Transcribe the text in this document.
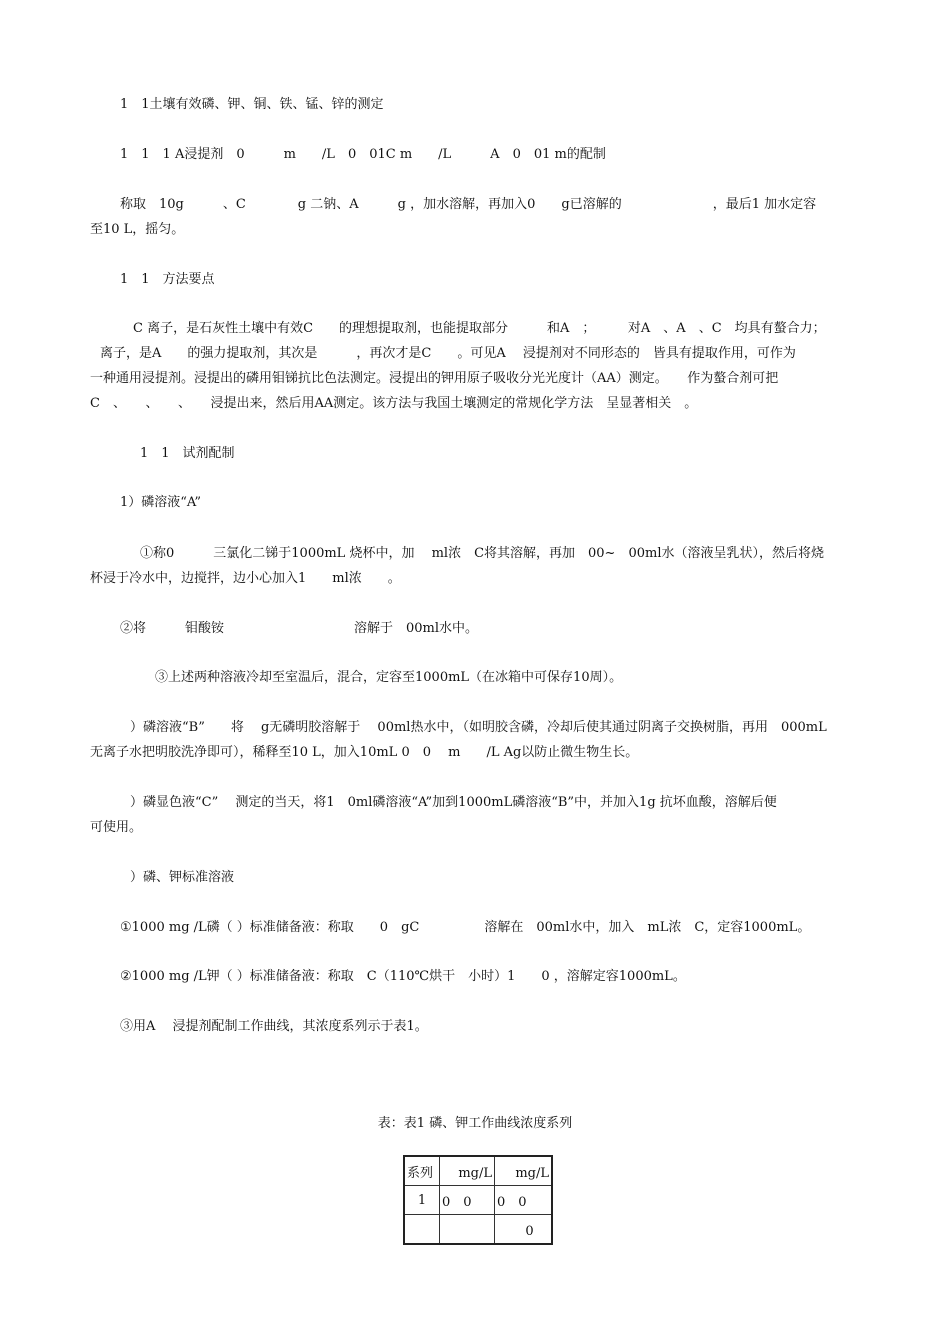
1　1土壤有效磷、钾、铜、铁、锰、锌的测定
1　1　1 A浸提剂　0　　　m　　/L　0　01C m　　/L　　　A　0　01 m的配制
称取　10g　　　、C　　　　g 二钠、A　　　g ，加水溶解，再加入0　　g已溶解的　　　　　　　，最后1 加水定容
至10 L，摇匀。
1　1　方法要点
C 离子，是石灰性土壤中有效C　　的理想提取剂，也能提取部分　　　和A　；　　　对A　、A　、C　均具有螯合力；
离子，是A　　的强力提取剂，其次是　　　，再次才是C　　。可见A　 浸提剂对不同形态的　皆具有提取作用，可作为
一种通用浸提剂。浸提出的磷用钼锑抗比色法测定。浸提出的钾用原子吸收分光光度计（AA）测定。　　作为螯合剂可把
C　、　　、　　、　　浸提出来，然后用AA测定。该方法与我国土壤测定的常规化学方法　呈显著相关　。
1　1　试剂配制
1）磷溶液“A”
①称0　　　三氯化二锑于1000mL 烧杯中，加　 ml浓　C将其溶解，再加　00~　00ml水（溶液呈乳状），然后将烧
杯浸于冷水中，边搅拌，边小心加入1　　ml浓　　。
②将　　　钼酸铵　　　　　　　　　　溶解于　00ml水中。
③上述两种溶液冷却至室温后，混合，定容至1000mL（在冰箱中可保存10周）。
）磷溶液“B”　　将　 g无磷明胶溶解于　 00ml热水中，（如明胶含磷，冷却后使其通过阴离子交换树脂，再用　000mL
无离子水把明胶洗净即可），稀释至10 L，加入10mL 0　0　 m　　/L Ag以防止微生物生长。
）磷显色液“C”　 测定的当天，将1　0ml磷溶液“A”加到1000mL磷溶液“B”中，并加入1g 抗坏血酸，溶解后便
可使用。
）磷、钾标准溶液
①1000 mg /L磷（ ）标准储备液：称取　　0　gC　　　　　溶解在　00ml水中，加入　mL浓　C，定容1000mL。
②1000 mg /L钾（ ）标准储备液：称取　C（110℃烘干　小时）1　　0 ，溶解定容1000mL。
③用A　 浸提剂配制工作曲线，其浓度系列示于表1。
表：表1 磷、钾工作曲线浓度系列
系列	　mg/L	　mg/L
1	0　0	0　0
		　0
